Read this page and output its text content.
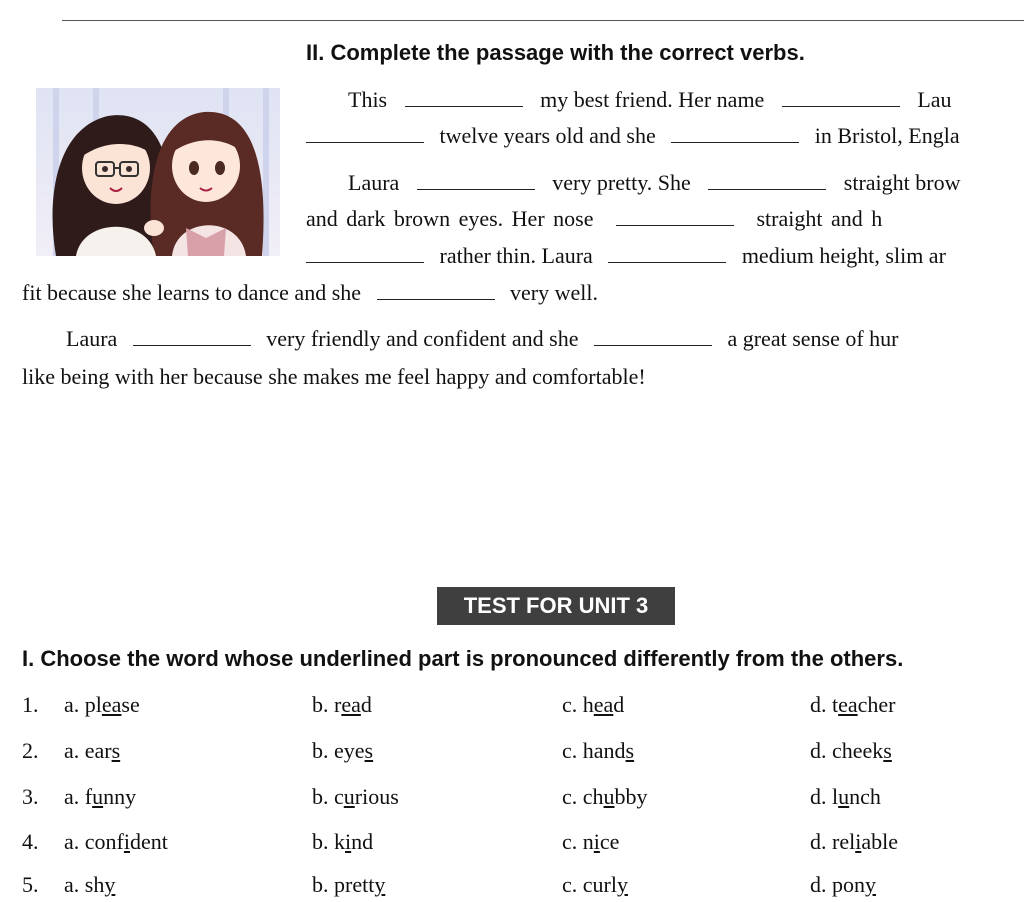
II. Complete the passage with the correct verbs.
This	my best friend. Her name	Lau
twelve years old and she	in Bristol, Engla
Laura	very pretty. She	straight brow
and dark brown eyes. Her nose	straight and h
rather thin. Laura	medium height, slim ar
fit because she learns to dance and she	very well.
Laura	very friendly and confident and she	a great sense of hur
like being with her because she makes me feel happy and comfortable!
TEST FOR UNIT 3
I. Choose the word whose underlined part is pronounced differently from the others.
1. a. please	b. read	c. head	d. teacher
2. a. ears	b. eyes	c. hands	d. cheeks
3. a. funny	b. curious	c. chubby	d. lunch
4. a. confident	b. kind	c. nice	d. reliable
5. a. shy	b. pretty	c. curly	d. pony
